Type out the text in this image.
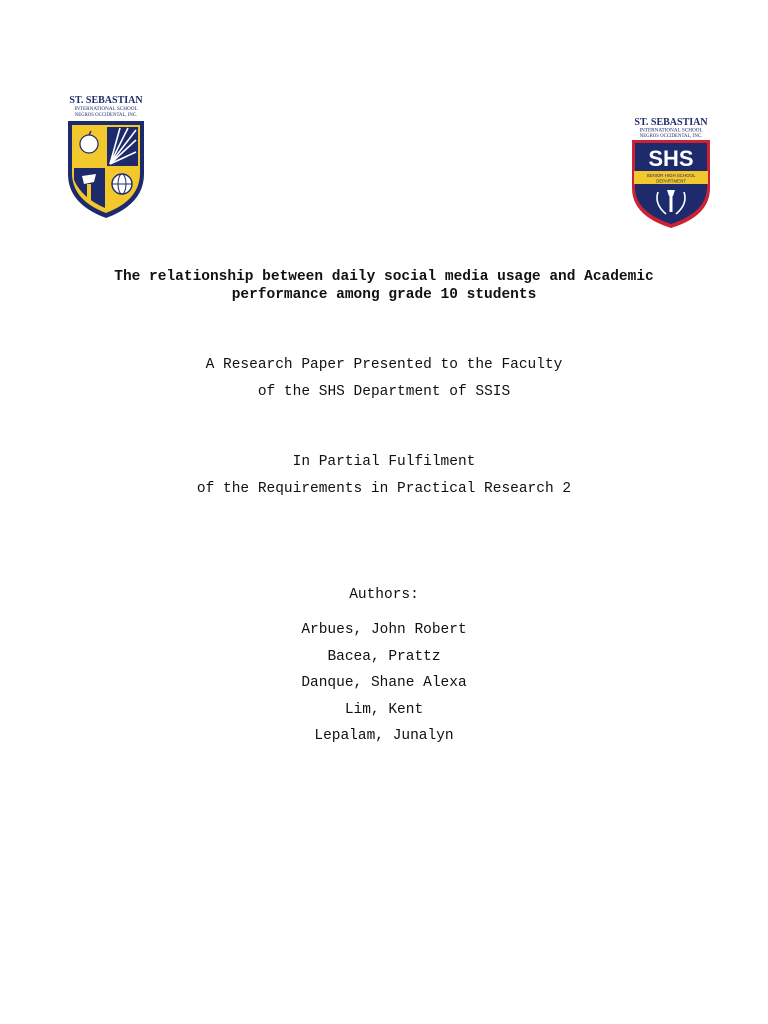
ST. SEBASTIAN
INTERNATIONAL SCHOOL
NEGROS OCCIDENTAL, INC.
ST. SEBASTIAN
INTERNATIONAL SCHOOL
NEGROS OCCIDENTAL, INC.
SHS
SENIOR HIGH SCHOOL
DEPARTMENT
The relationship between daily social media usage and Academic
performance among grade 10 students

A Research Paper Presented to the Faculty

of the SHS Department of SSIS

In Partial Fulfilment

of the Requirements in Practical Research 2

Authors:

Arbues, John Robert

Bacea, Prattz

Danque, Shane Alexa

Lim, Kent

Lepalam, Junalyn
